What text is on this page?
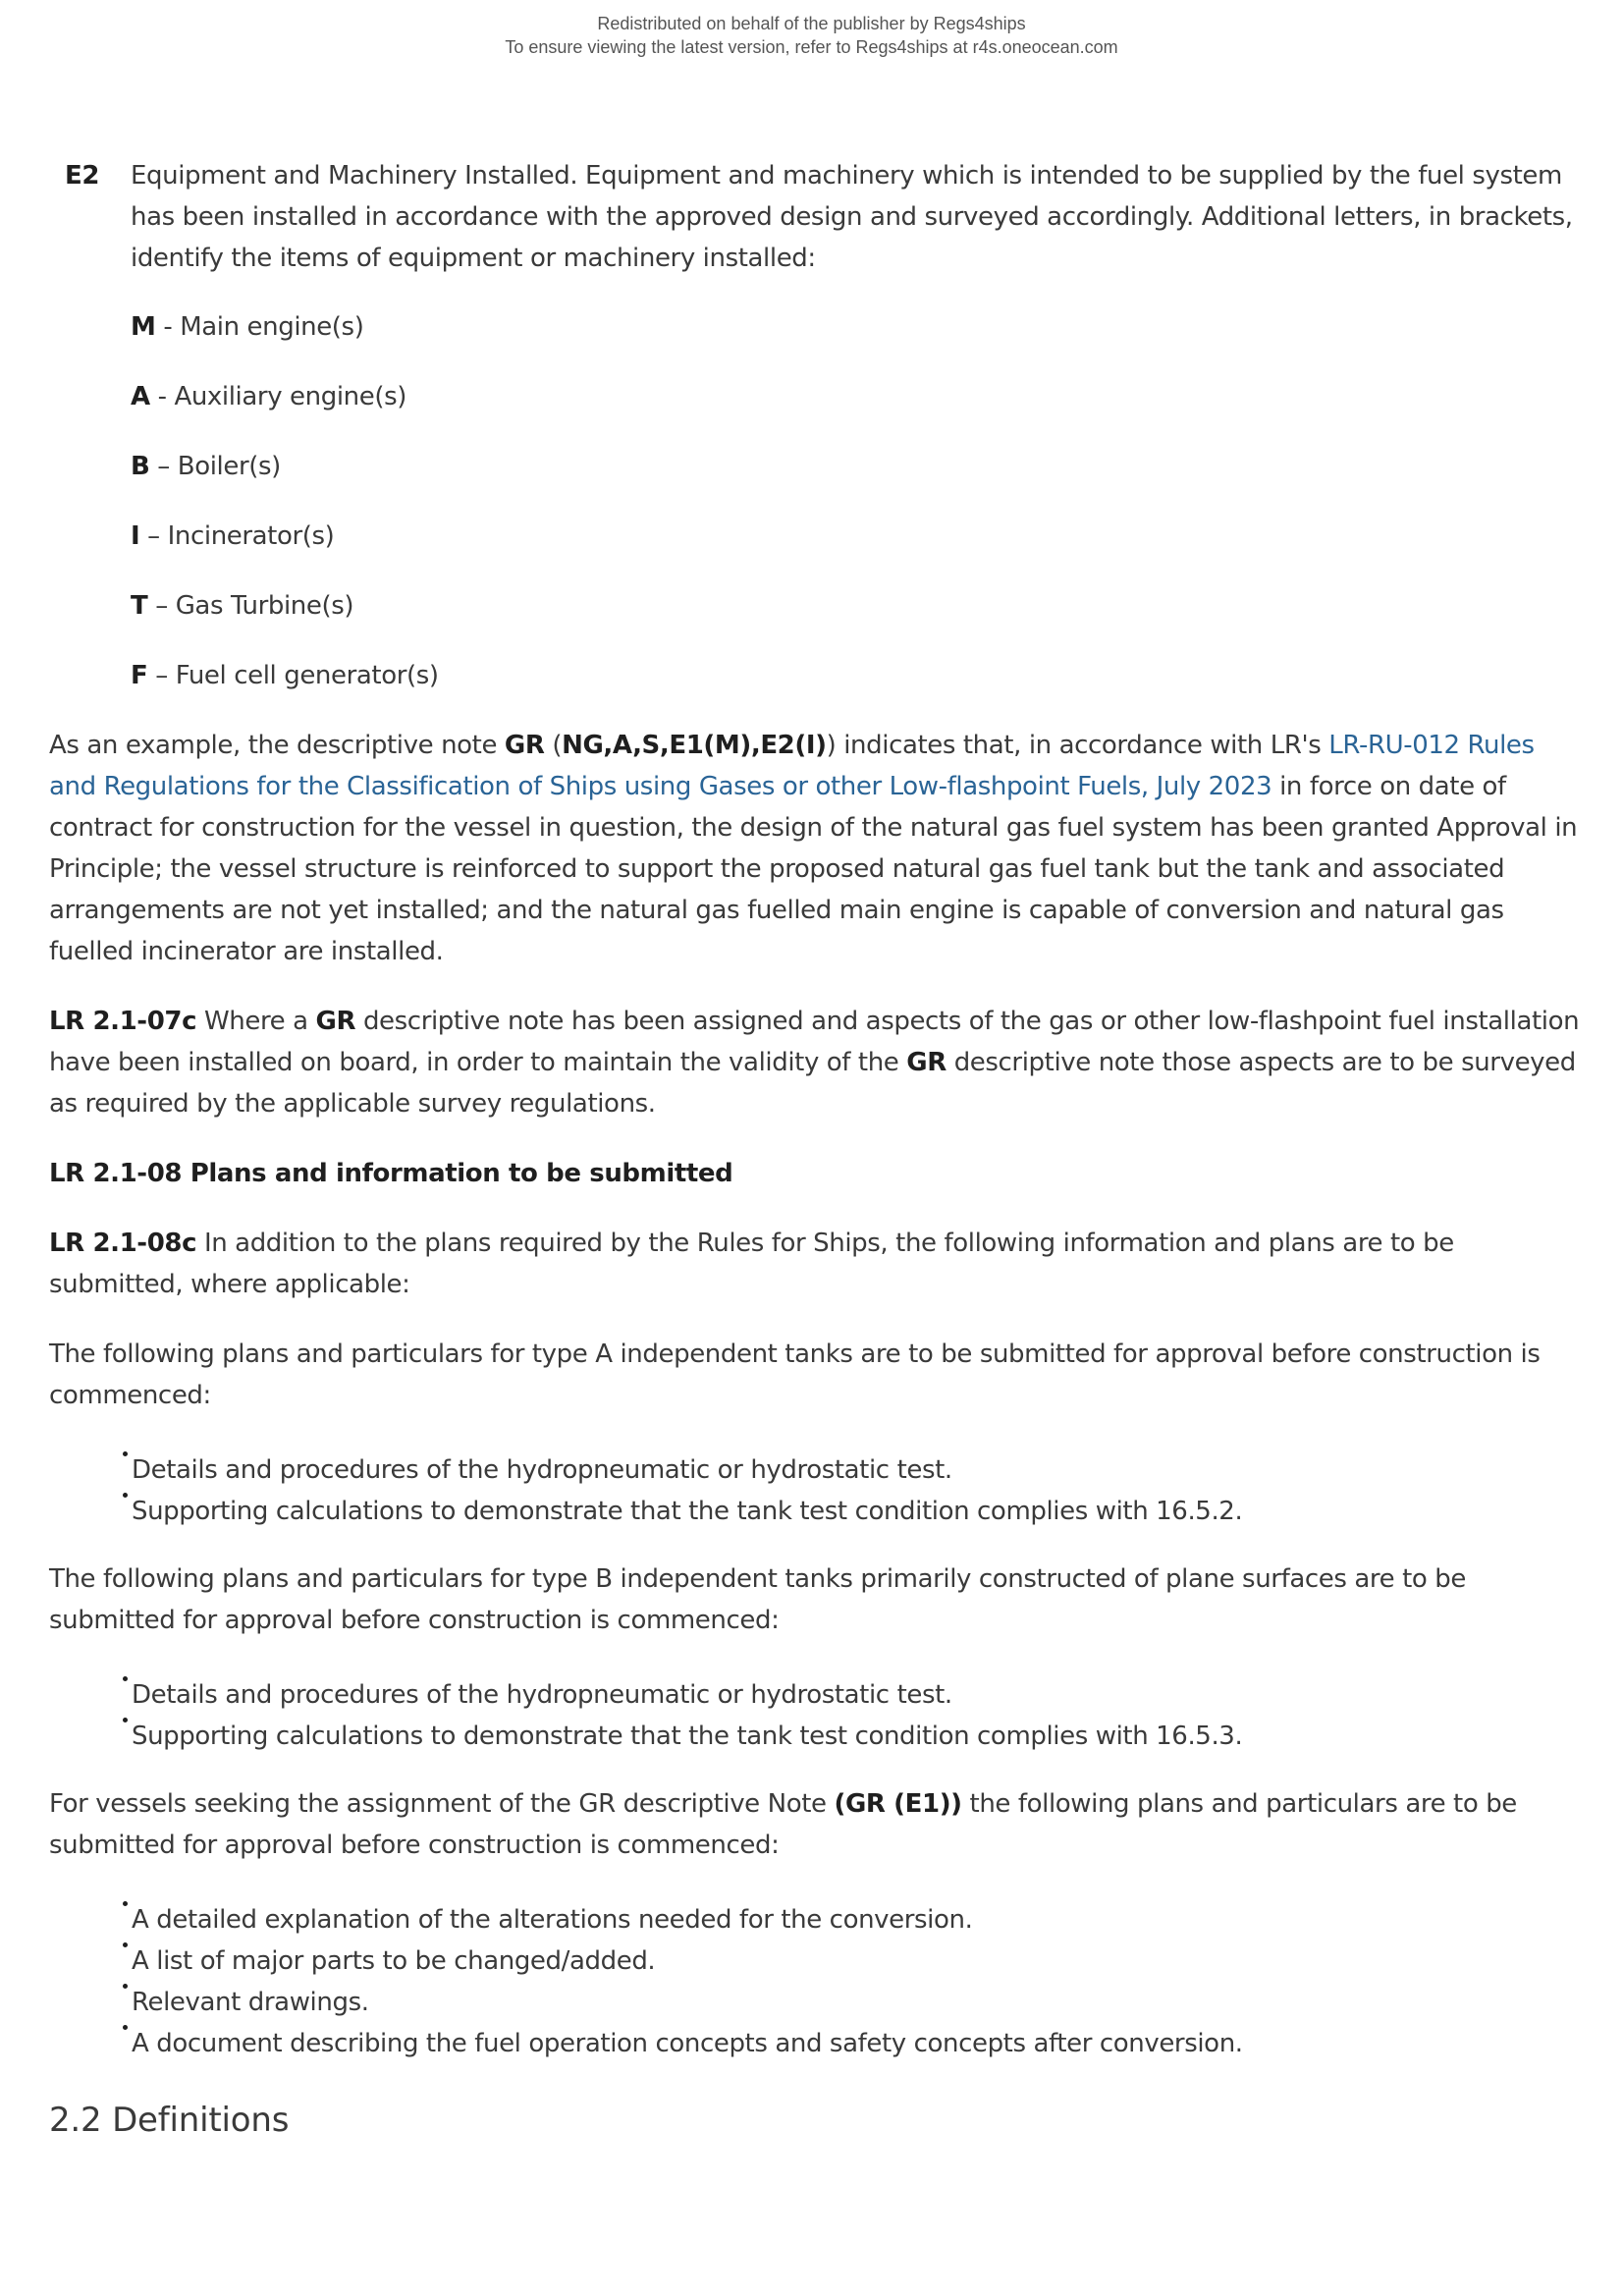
Redistributed on behalf of the publisher by Regs4ships
To ensure viewing the latest version, refer to Regs4ships at r4s.oneocean.com
E2 Equipment and Machinery Installed. Equipment and machinery which is intended to be supplied by the fuel system has been installed in accordance with the approved design and surveyed accordingly. Additional letters, in brackets, identify the items of equipment or machinery installed:

M - Main engine(s)
A - Auxiliary engine(s)
B – Boiler(s)
I – Incinerator(s)
T – Gas Turbine(s)
F – Fuel cell generator(s)

As an example, the descriptive note GR (NG,A,S,E1(M),E2(I)) indicates that, in accordance with LR's LR-RU-012 Rules and Regulations for the Classification of Ships using Gases or other Low-flashpoint Fuels, July 2023 in force on date of contract for construction for the vessel in question, the design of the natural gas fuel system has been granted Approval in Principle; the vessel structure is reinforced to support the proposed natural gas fuel tank but the tank and associated arrangements are not yet installed; and the natural gas fuelled main engine is capable of conversion and natural gas fuelled incinerator are installed.

LR 2.1-07c Where a GR descriptive note has been assigned and aspects of the gas or other low-flashpoint fuel installation have been installed on board, in order to maintain the validity of the GR descriptive note those aspects are to be surveyed as required by the applicable survey regulations.

LR 2.1-08 Plans and information to be submitted

LR 2.1-08c In addition to the plans required by the Rules for Ships, the following information and plans are to be submitted, where applicable:

The following plans and particulars for type A independent tanks are to be submitted for approval before construction is commenced:

Details and procedures of the hydropneumatic or hydrostatic test.
Supporting calculations to demonstrate that the tank test condition complies with 16.5.2.

The following plans and particulars for type B independent tanks primarily constructed of plane surfaces are to be submitted for approval before construction is commenced:

Details and procedures of the hydropneumatic or hydrostatic test.
Supporting calculations to demonstrate that the tank test condition complies with 16.5.3.

For vessels seeking the assignment of the GR descriptive Note (GR (E1)) the following plans and particulars are to be submitted for approval before construction is commenced:

A detailed explanation of the alterations needed for the conversion.
A list of major parts to be changed/added.
Relevant drawings.
A document describing the fuel operation concepts and safety concepts after conversion.
2.2 Definitions
